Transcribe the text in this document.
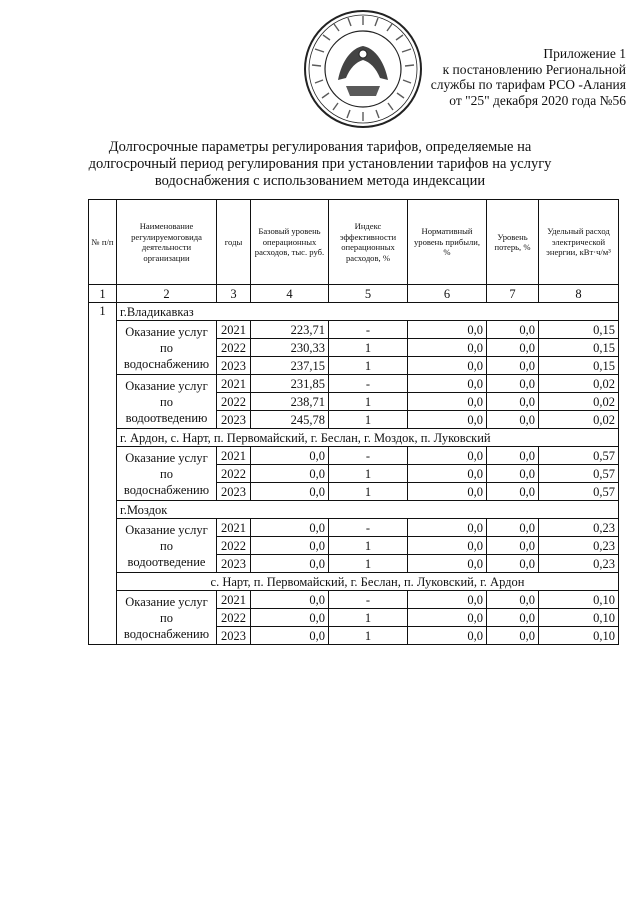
Приложение 1
к постановлению Региональной
службы по тарифам РСО -Алания
от "25" декабря 2020 года №56
Долгосрочные параметры регулирования тарифов, определяемые на
долгосрочный период регулирования при установлении тарифов на услугу
водоснабжения с использованием метода индексации
№ п/п	Наименование регулируемоговида деятельности организации	годы	Базовый уровень операционных расходов, тыс. руб.	Индекс эффективности операционных расходов, %	Нормативный уровень прибыли, %	Уровень потерь, %	Удельный расход электрической энергии, кВт·ч/м³
1	2	3	4	5	6	7	8
1	г.Владикавказ						
	Оказание услуг по водоснабжению	2021	223,71	-	0,0	0,0	0,15
		2022	230,33	1	0,0	0,0	0,15
		2023	237,15	1	0,0	0,0	0,15
	Оказание услуг по водоотведению	2021	231,85	-	0,0	0,0	0,02
		2022	238,71	1	0,0	0,0	0,02
		2023	245,78	1	0,0	0,0	0,02
	г. Ардон, с. Нарт, п. Первомайский, г. Беслан, г. Моздок, п. Луковский						
	Оказание услуг по водоснабжению	2021	0,0	-	0,0	0,0	0,57
		2022	0,0	1	0,0	0,0	0,57
		2023	0,0	1	0,0	0,0	0,57
	г.Моздок						
	Оказание услуг по водоотведение	2021	0,0	-	0,0	0,0	0,23
		2022	0,0	1	0,0	0,0	0,23
		2023	0,0	1	0,0	0,0	0,23
	с. Нарт, п. Первомайский, г. Беслан, п. Луковский, г. Ардон						
	Оказание услуг по водоснабжению	2021	0,0	-	0,0	0,0	0,10
		2022	0,0	1	0,0	0,0	0,10
		2023	0,0	1	0,0	0,0	0,10
